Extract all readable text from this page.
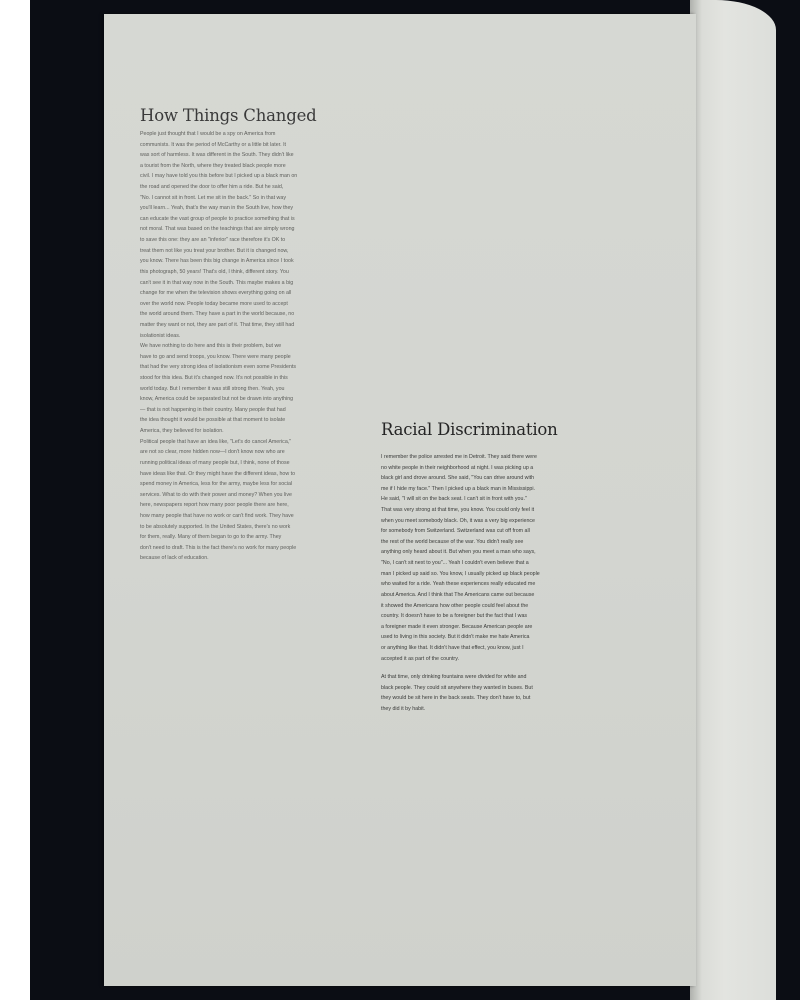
How Things Changed
People just thought that I would be a spy on America from
communists. It was the period of McCarthy or a little bit later. It
was sort of harmless. It was different in the South. They didn't like
a tourist from the North, where they treated black people more
civil. I may have told you this before but I picked up a black man on
the road and opened the door to offer him a ride. But he said,
"No. I cannot sit in front. Let me sit in the back." So in that way
you'll learn... Yeah, that's the way man in the South live, how they
can educate the vast group of people to practice something that is
not moral. That was based on the teachings that are simply wrong
to save this one: they are an "inferior" race therefore it's OK to
treat them not like you treat your brother. But it is changed now,
you know. There has been this big change in America since I took
this photograph, 50 years! That's old, I think, different story. You
can't see it in that way now in the South. This maybe makes a big
change for me when the television shows everything going on all
over the world now. People today became more used to accept
the world around them. They have a part in the world because, no
matter they want or not, they are part of it. That time, they still had
isolationist ideas.
We have nothing to do here and this is their problem, but we
have to go and send troops, you know. There were many people
that had the very strong idea of isolationism even some Presidents
stood for this idea. But it's changed now. It's not possible in this
world today. But I remember it was still strong then. Yeah, you
know, America could be separated but not be drawn into anything
— that is not happening in their country. Many people that had
the idea thought it would be possible at that moment to isolate
America, they believed for isolation.
Political people that have an idea like, "Let's do cancel America,"
are not so clear, more hidden now—I don't know now who are
running political ideas of many people but, I think, none of those
have ideas like that. Or they might have the different ideas, how to
spend money in America, less for the army, maybe less for social
services. What to do with their power and money? When you live
here, newspapers report how many poor people there are here,
how many people that have no work or can't find work. They have
to be absolutely supported. In the United States, there's no work
for them, really. Many of them began to go to the army. They
don't need to draft. This is the fact there's no work for many people
because of lack of education.
Racial Discrimination
I remember the police arrested me in Detroit. They said there were
no white people in their neighborhood at night. I was picking up a
black girl and drove around. She said, "You can drive around with
me if I hide my face." Then I picked up a black man in Mississippi.
He said, "I will sit on the back seat. I can't sit in front with you."
That was very strong at that time, you know. You could only feel it
when you meet somebody black. Oh, it was a very big experience
for somebody from Switzerland. Switzerland was cut off from all
the rest of the world because of the war. You didn't really see
anything only heard about it. But when you meet a man who says,
"No, I can't sit next to you"... Yeah I couldn't even believe that a
man I picked up said so. You know, I usually picked up black people
who waited for a ride. Yeah these experiences really educated me
about America. And I think that The Americans came out because
it showed the Americans how other people could feel about the
country. It doesn't have to be a foreigner but the fact that I was
a foreigner made it even stronger. Because American people are
used to living in this society. But it didn't make me hate America
or anything like that. It didn't have that effect, you know, just I
accepted it as part of the country.
At that time, only drinking fountains were divided for white and
black people. They could sit anywhere they wanted in buses. But
they would be sit here in the back seats. They don't have to, but
they did it by habit.
